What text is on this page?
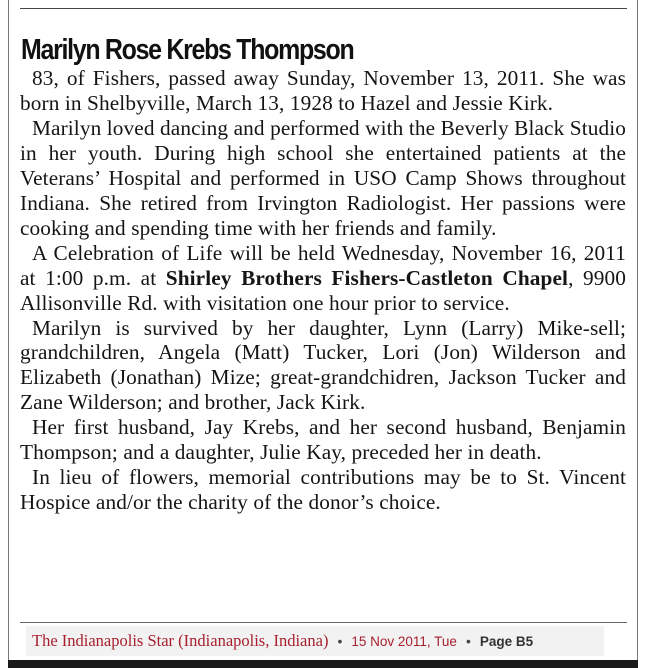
Marilyn Rose Krebs Thompson

83, of Fishers, passed away Sunday, November 13, 2011. She was born in Shelbyville, March 13, 1928 to Hazel and Jessie Kirk.

Marilyn loved dancing and performed with the Beverly Black Studio in her youth. During high school she entertained patients at the Veterans’ Hospital and performed in USO Camp Shows throughout Indiana. She retired from Irvington Radiologist. Her passions were cooking and spending time with her friends and family.

A Celebration of Life will be held Wednesday, November 16, 2011 at 1:00 p.m. at Shirley Brothers Fishers-Castleton Chapel, 9900 Allisonville Rd. with visitation one hour prior to service.

Marilyn is survived by her daughter, Lynn (Larry) Mike-sell; grandchildren, Angela (Matt) Tucker, Lori (Jon) Wilderson and Elizabeth (Jonathan) Mize; great-grandchidren, Jackson Tucker and Zane Wilderson; and brother, Jack Kirk.

Her first husband, Jay Krebs, and her second husband, Benjamin Thompson; and a daughter, Julie Kay, preceded her in death.

In lieu of flowers, memorial contributions may be to St. Vincent Hospice and/or the charity of the donor’s choice.

The Indianapolis Star (Indianapolis, Indiana) • 15 Nov 2011, Tue • Page B5
